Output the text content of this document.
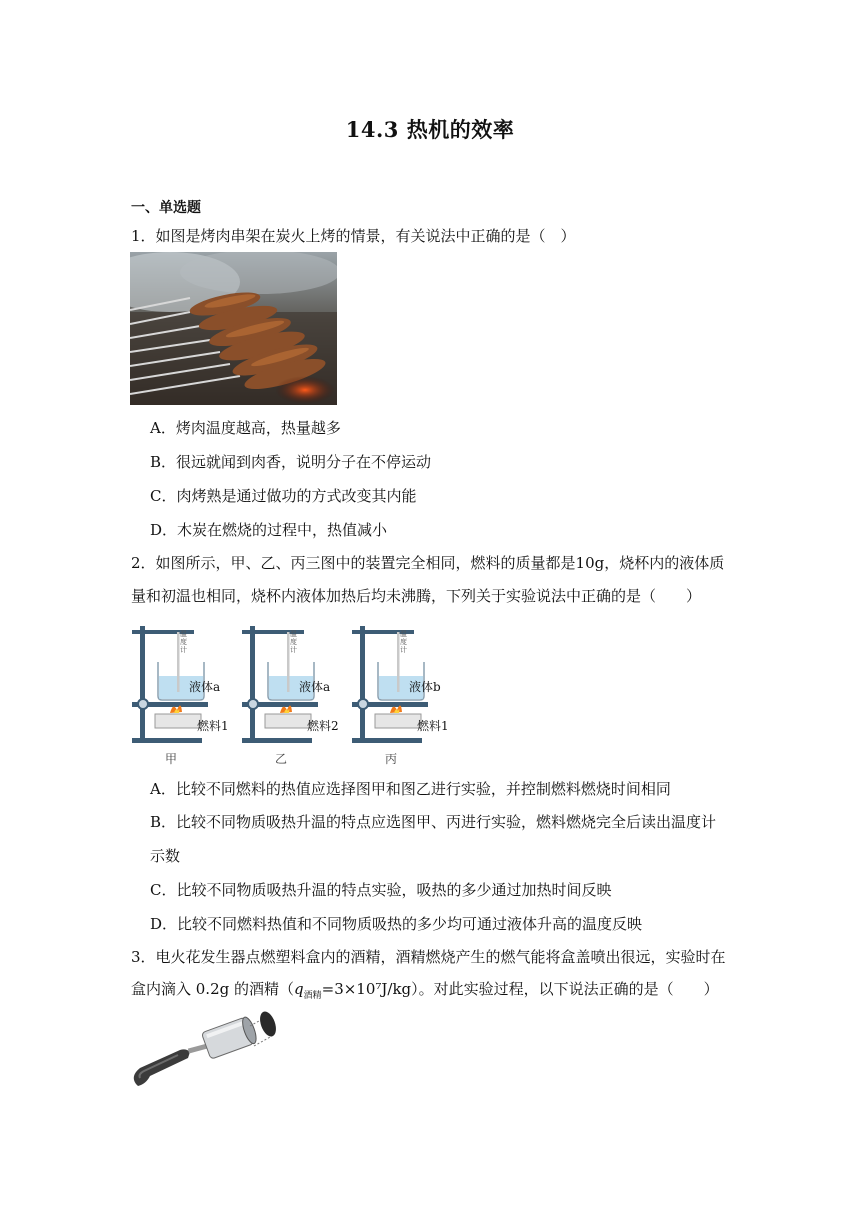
14.3 热机的效率
一、单选题
1．如图是烤肉串架在炭火上烤的情景，有关说法中正确的是（　）
A．烤肉温度越高，热量越多
B．很远就闻到肉香，说明分子在不停运动
C．肉烤熟是通过做功的方式改变其内能
D．木炭在燃烧的过程中，热值减小
2．如图所示，甲、乙、丙三图中的装置完全相同，燃料的质量都是10g，烧杯内的液体质
量和初温也相同，烧杯内液体加热后均未沸腾，下列关于实验说法中正确的是（　　）
温
度
计
液体a
燃料1
甲
温
度
计
液体a
燃料2
乙
温
度
计
液体b
燃料1
丙
A．比较不同燃料的热值应选择图甲和图乙进行实验，并控制燃料燃烧时间相同
B．比较不同物质吸热升温的特点应选图甲、丙进行实验，燃料燃烧完全后读出温度计
示数
C．比较不同物质吸热升温的特点实验，吸热的多少通过加热时间反映
D．比较不同燃料热值和不同物质吸热的多少均可通过液体升高的温度反映
3．电火花发生器点燃塑料盒内的酒精，酒精燃烧产生的燃气能将盒盖喷出很远，实验时在
盒内滴入 0.2g 的酒精$(q_{酒精}=3\times 10^7J/kg)$。对此实验过程，以下说法正确的是（　　）
